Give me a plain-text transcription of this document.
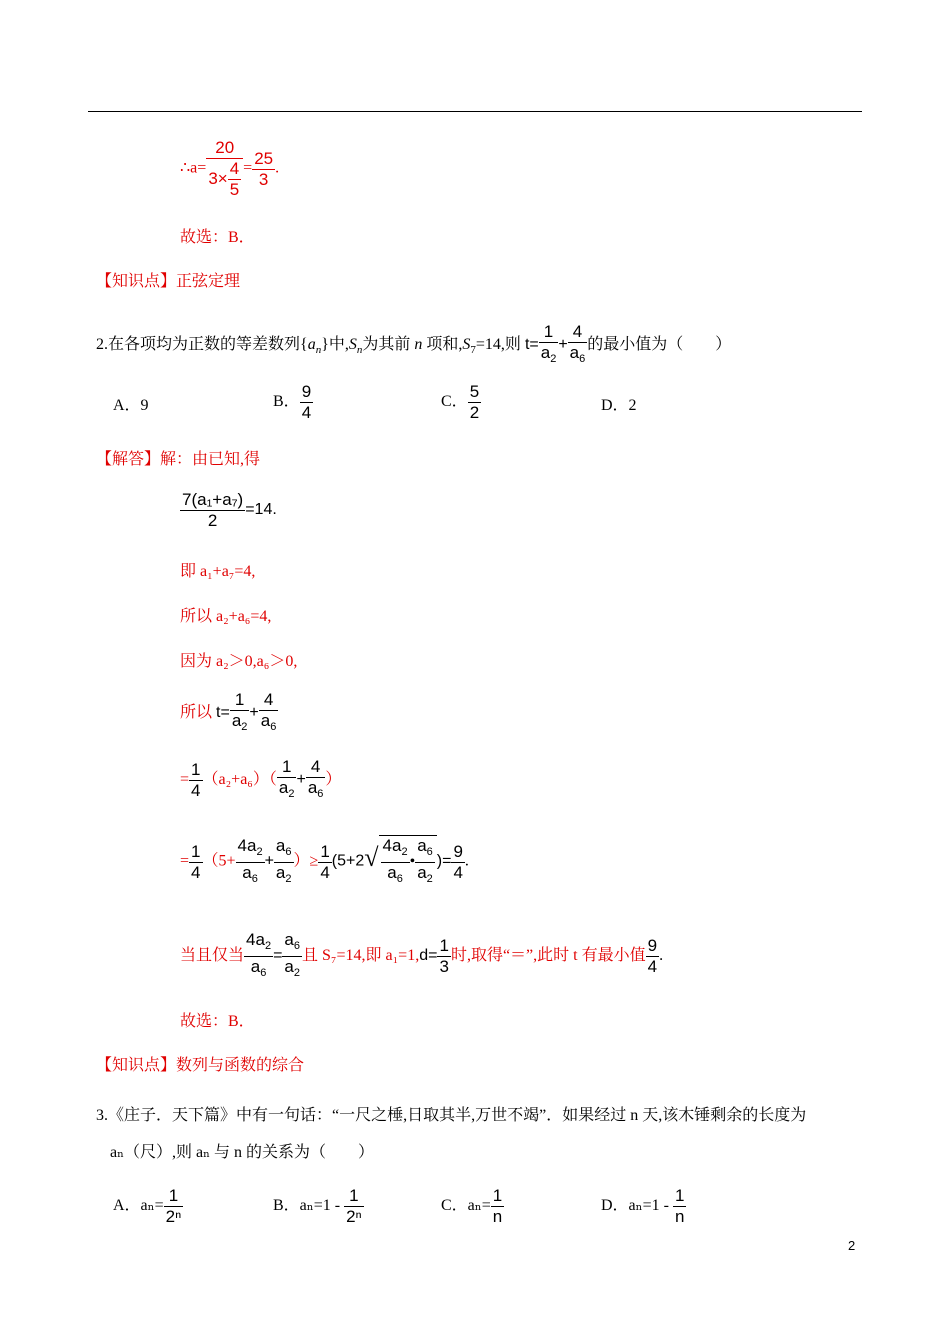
∴a= $\frac{20}{3\times \frac{4}{5}} = \frac{25}{3}$ .
故选：B．
【知识点】正弦定理
2.在各项均为正数的等差数列$\{a_n\}$中$,S_n$为其前 n 项和$,S_7=14$,则 $t= \frac{1}{a_2} + \frac{4}{a_6}$ 的最小值为（　　）
A．9	B． $\frac{9}{4}$	C． $\frac{5}{2}$	D．2
【解答】解：由已知,得
$\frac{\text{7(a₁+a₇)}}{2} =14$.
即 a₁+a₇=4,
所以 a₂+a₆=4,
因为 a₂＞0,a₆＞0,
所以 $t= \frac{1}{a_2} + \frac{4}{a_6}$
= $\frac{1}{4} (a_2+a_6)( \frac{1}{a_2} + \frac{4}{a_6}$ ）
= $\frac{1}{4} (5+ \frac{4a_2}{a_6} + \frac{a_6}{a_2}$ ）≥ $\frac{1}{4} (5+2√ \frac{4a_2}{a_6}$ • $\frac{a_6}{a_2}$ )= $\frac{9}{4}$ .
当且仅当 $\frac{4a_2}{a_6} = \frac{a_6}{a_2}$ 且 S₇=14,即 $a_1=1,d= \frac{1}{3}$ 时,取得“＝”,此时 t 有最小值 $\frac{9}{4}$ .
故选：B．
【知识点】数列与函数的综合
3.《庄子．天下篇》中有一句话：“一尺之棰,日取其半,万世不竭”．如果经过 n 天,该木锤剩余的长度为
aₙ（尺）,则 aₙ 与 n 的关系为（　　）
A．$a_n= \frac{1}{\text{2ⁿ}}$	B．$a_n=1 - \frac{1}{\text{2ⁿ}}$	C．$a_n= \frac{1}{n}$	D．$a_n=1 - \frac{1}{n}$
2
